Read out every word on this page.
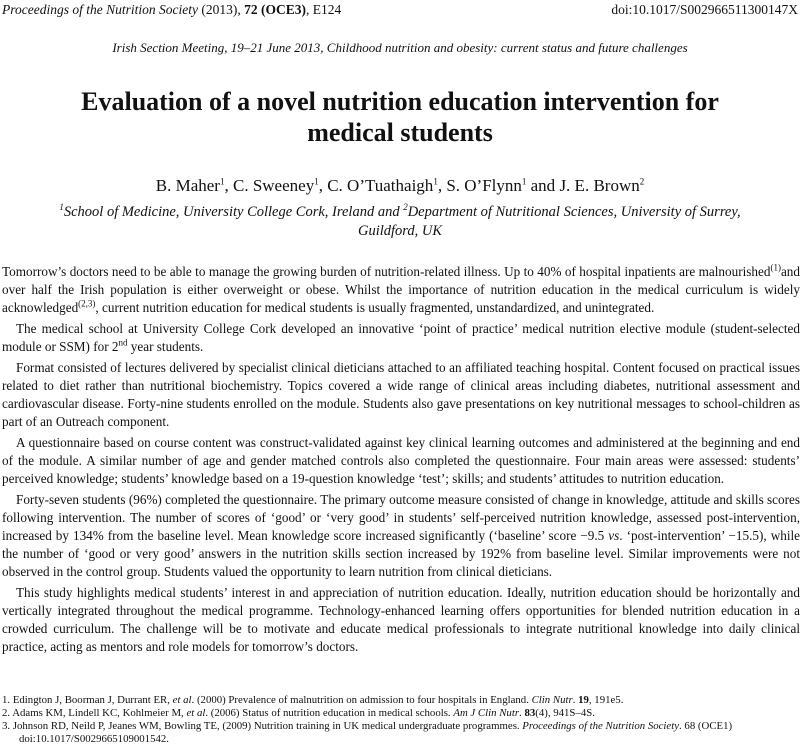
Proceedings of the Nutrition Society (2013), 72 (OCE3), E124	doi:10.1017/S002966511300147X
Irish Section Meeting, 19–21 June 2013, Childhood nutrition and obesity: current status and future challenges
Evaluation of a novel nutrition education intervention for
medical students
B. Maher$^1$, C. Sweeney$^1$, C. O’Tuathaigh$^1$, S. O’Flynn$^1$ and J. E. Brown$^2$
$^1$School of Medicine, University College Cork, Ireland and $^2$Department of Nutritional Sciences, University of Surrey,
Guildford, UK

Tomorrow’s doctors need to be able to manage the growing burden of nutrition-related illness. Up to 40% of hospital inpatients are malnourished$^{(1)}$and over half the Irish population is either overweight or obese. Whilst the importance of nutrition education in the medical curriculum is widely acknowledged$^{(2,3)}$, current nutrition education for medical students is usually fragmented, unstandardized, and unintegrated.

The medical school at University College Cork developed an innovative ‘point of practice’ medical nutrition elective module (student-selected module or SSM) for 2nd year students.

Format consisted of lectures delivered by specialist clinical dieticians attached to an affiliated teaching hospital. Content focused on practical issues related to diet rather than nutritional biochemistry. Topics covered a wide range of clinical areas including diabetes, nutritional assessment and cardiovascular disease. Forty-nine students enrolled on the module. Students also gave presentations on key nutritional messages to school-children as part of an Outreach component.

A questionnaire based on course content was construct-validated against key clinical learning outcomes and administered at the beginning and end of the module. A similar number of age and gender matched controls also completed the questionnaire. Four main areas were assessed: students’ perceived knowledge; students’ knowledge based on a 19-question knowledge ‘test’; skills; and students’ attitudes to nutrition education.

Forty-seven students (96%) completed the questionnaire. The primary outcome measure consisted of change in knowledge, attitude and skills scores following intervention. The number of scores of ‘good’ or ‘very good’ in students’ self-perceived nutrition knowledge, assessed post-intervention, increased by 134% from the baseline level. Mean knowledge score increased significantly (‘baseline’ score −9.5 vs. ‘post-intervention’ −15.5), while the number of ‘good or very good’ answers in the nutrition skills section increased by 192% from baseline level. Similar improvements were not observed in the control group. Students valued the opportunity to learn nutrition from clinical dieticians.

This study highlights medical students’ interest in and appreciation of nutrition education. Ideally, nutrition education should be horizontally and vertically integrated throughout the medical programme. Technology-enhanced learning offers opportunities for blended nutrition education in a crowded curriculum. The challenge will be to motivate and educate medical professionals to integrate nutritional knowledge into daily clinical practice, acting as mentors and role models for tomorrow’s doctors.

1. Edington J, Boorman J, Durrant ER, et al. (2000) Prevalence of malnutrition on admission to four hospitals in England. Clin Nutr. 19, 191e5.

2. Adams KM, Lindell KC, Kohlmeier M, et al. (2006) Status of nutrition education in medical schools. Am J Clin Nutr. 83(4), 941S–4S.

3. Johnson RD, Neild P, Jeanes WM, Bowling TE, (2009) Nutrition training in UK medical undergraduate programmes. Proceedings of the Nutrition Society. 68 (OCE1) doi:10.1017/S0029665109001542.
